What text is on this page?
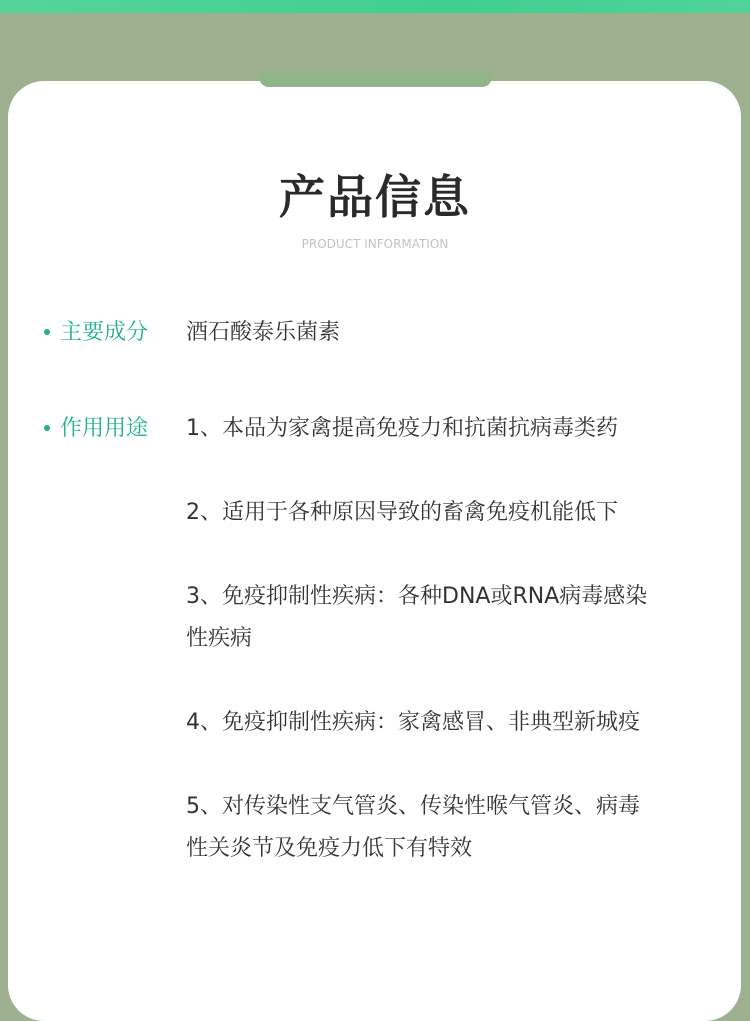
产品信息
PRODUCT INFORMATION
主要成分 酒石酸泰乐菌素
作用用途 1、本品为家禽提高免疫力和抗菌抗病毒类药
2、适用于各种原因导致的畜禽免疫机能低下
3、免疫抑制性疾病：各种DNA或RNA病毒感染
性疾病
4、免疫抑制性疾病：家禽感冒、非典型新城疫
5、对传染性支气管炎、传染性喉气管炎、病毒
性关炎节及免疫力低下有特效
